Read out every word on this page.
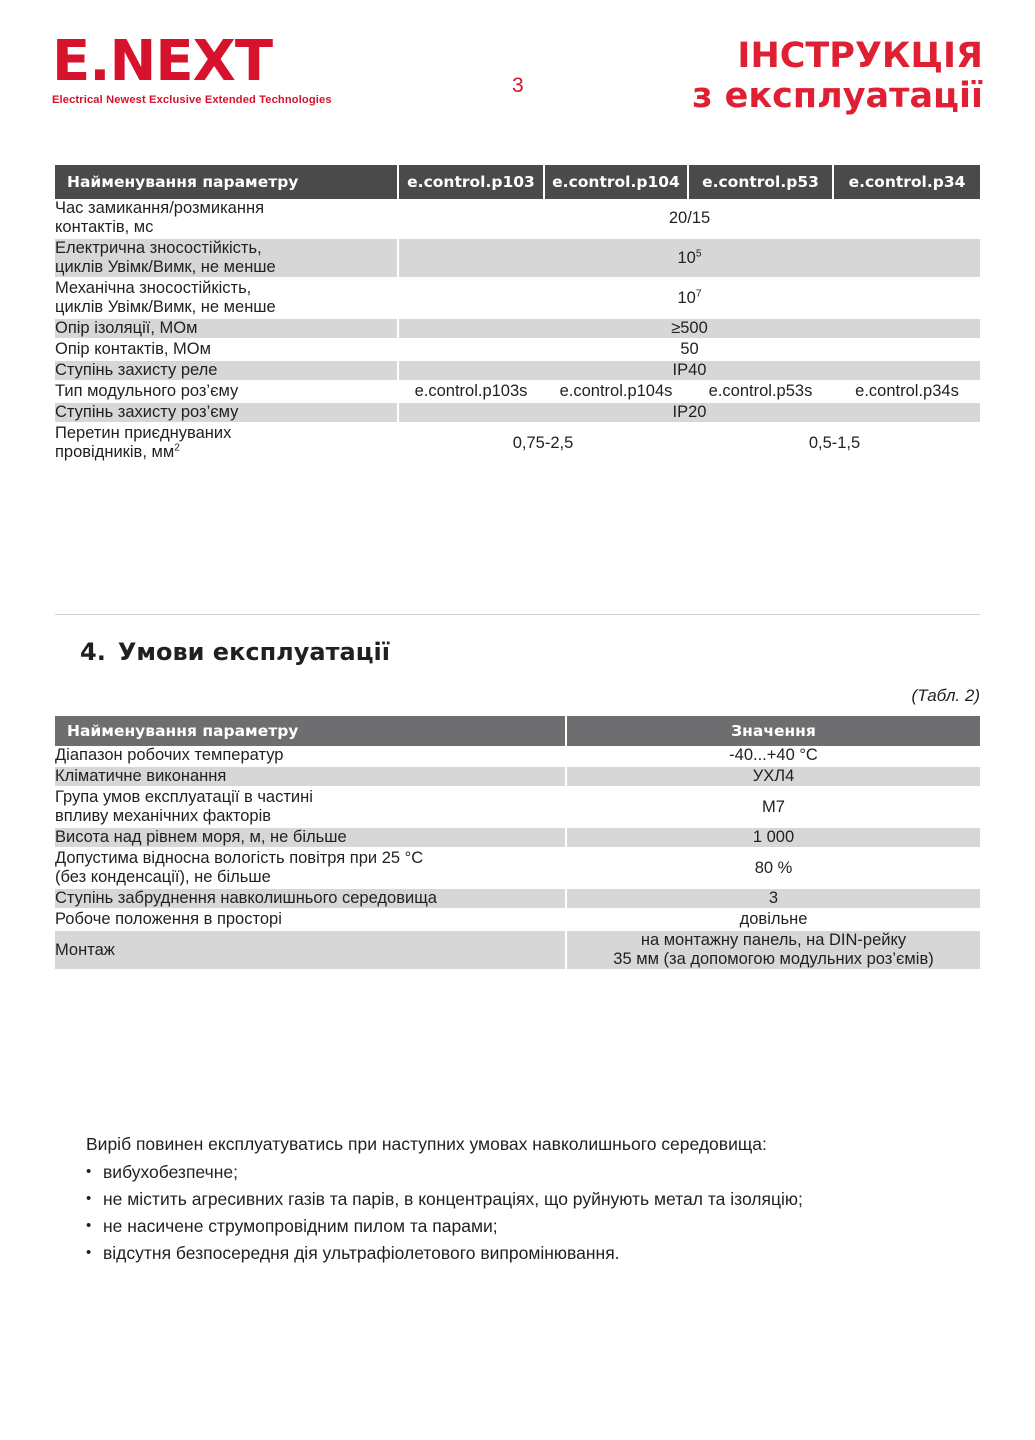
E.NEXT
Electrical Newest Exclusive Extended Technologies
3
ІНСТРУКЦІЯ
з експлуатації
Найменування параметру	e.control.p103	e.control.p104	e.control.p53	e.control.p34
Час замикання/розмикання
контактів, мс	20/15			
Електрична зносостійкість,
циклів Увімк/Вимк, не менше	$10^5$
Механічна зносостійкість,
циклів Увімк/Вимк, не менше	$10^7$
Опір ізоляції, МОм	≥500			
Опір контактів, МОм	50			
Ступінь захисту реле	IP40			
Тип модульного роз’єму	e.control.p103s	e.control.p104s	e.control.p53s	e.control.p34s
Ступінь захисту роз’єму	IP20			
Перетин приєднуваних
провідників, $мм^2$	0,75-2,5		0,5-1,5	
4. Умови експлуатації
(Табл. 2)
Найменування параметру	Значення
Діапазон робочих температур	-40...+40 °C
Кліматичне виконання	УХЛ4
Група умов експлуатації в частині
впливу механічних факторів	М7
Висота над рівнем моря, м, не більше	1 000
Допустима відносна вологість повітря при 25 °C
(без конденсації), не більше	80 %
Ступінь забруднення навколишнього середовища	3
Робоче положення в просторі	довільне
Монтаж	на монтажну панель, на DIN-рейку
35 мм (за допомогою модульних роз’ємів)

Виріб повинен експлуатуватись при наступних умовах навколишнього середовища:

• вибухобезпечне;
• не містить агресивних газів та парів, в концентраціях, що руйнують метал та ізоляцію;
• не насичене струмопровідним пилом та парами;
• відсутня безпосередня дія ультрафіолетового випромінювання.
